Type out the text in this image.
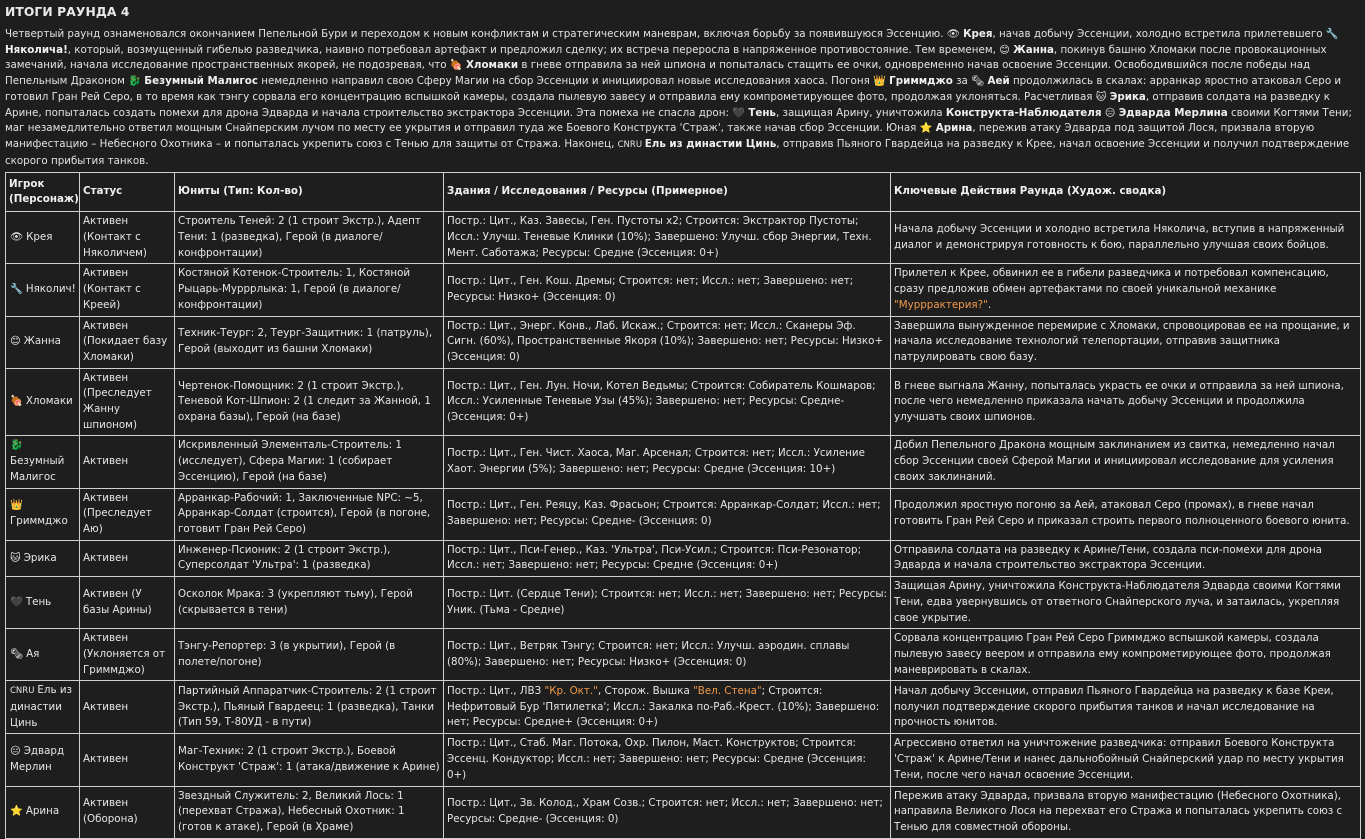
ИТОГИ РАУНДА 4
Четвертый раунд ознаменовался окончанием Пепельной Бури и переходом к новым конфликтам и стратегическим маневрам, включая борьбу за появившуюся Эссенцию. 👁 Крея, начав добычу Эссенции, холодно встретила прилетевшего 🔧 Няколича!, который, возмущенный гибелью разведчика, наивно потребовал артефакт и предложил сделку; их встреча переросла в напряженное противостояние. Тем временем, 😊 Жанна, покинув башню Хломаки после провокационных замечаний, начала исследование пространственных якорей, не подозревая, что 🍖 Хломаки в гневе отправила за ней шпиона и попыталась стащить ее очки, одновременно начав освоение Эссенции. Освободившийся после победы над Пепельным Драконом 🐉 Безумный Малигос немедленно направил свою Сферу Магии на сбор Эссенции и инициировал новые исследования хаоса. Погоня 👑 Гриммджо за 🗞 Аей продолжилась в скалах: арранкар яростно атаковал Серо и готовил Гран Рей Серо, в то время как тэнгу сорвала его концентрацию вспышкой камеры, создала пылевую завесу и отправила ему компрометирующее фото, продолжая уклоняться. Расчетливая 🐱 Эрика, отправив солдата на разведку к Арине, попыталась создать помехи для дрона Эдварда и начала строительство экстрактора Эссенции. Эта помеха не спасла дрон: 🖤 Тень, защищая Арину, уничтожила Конструкта-Наблюдателя 😑 Эдварда Мерлина своими Когтями Тени; маг незамедлительно ответил мощным Снайперским лучом по месту ее укрытия и отправил туда же Боевого Конструкта 'Страж', также начав сбор Эссенции. Юная ⭐ Арина, пережив атаку Эдварда под защитой Лося, призвала вторую манифестацию – Небесного Охотника – и попыталась укрепить союз с Тенью для защиты от Стража. Наконец, CNRU Ель из династии Цинь, отправив Пьяного Гвардейца на разведку к Крее, начал освоение Эссенции и получил подтверждение скорого прибытия танков.
Игрок (Персонаж)	Статус	Юниты (Тип: Кол-во)	Здания / Исследования / Ресурсы (Примерное)	Ключевые Действия Раунда (Худож. сводка)
👁 Крея	Активен (Контакт с Няколичем)	Строитель Теней: 2 (1 строит Экстр.), Адепт Тени: 1 (разведка), Герой (в диалоге/конфронтации)	Постр.: Цит., Каз. Завесы, Ген. Пустоты x2; Строится: Экстрактор Пустоты; Иссл.: Улучш. Теневые Клинки (10%); Завершено: Улучш. сбор Энергии, Техн. Мент. Саботажа; Ресурсы: Средне (Эссенция: 0+)	Начала добычу Эссенции и холодно встретила Няколича, вступив в напряженный диалог и демонстрируя готовность к бою, параллельно улучшая своих бойцов.
🔧 Няколич!	Активен (Контакт с Креей)	Костяной Котенок-Строитель: 1, Костяной Рыцарь-Мурррлыка: 1, Герой (в диалоге/конфронтации)	Постр.: Цит., Ген. Кош. Дремы; Строится: нет; Иссл.: нет; Завершено: нет; Ресурсы: Низко+ (Эссенция: 0)	Прилетел к Крее, обвинил ее в гибели разведчика и потребовал компенсацию, сразу предложив обмен артефактами по своей уникальной механике "Мурррактерия?".
😊 Жанна	Активен (Покидает базу Хломаки)	Техник-Теург: 2, Теург-Защитник: 1 (патруль), Герой (выходит из башни Хломаки)	Постр.: Цит., Энерг. Конв., Лаб. Искаж.; Строится: нет; Иссл.: Сканеры Эф. Сигн. (60%), Пространственные Якоря (10%); Завершено: нет; Ресурсы: Низко+ (Эссенция: 0)	Завершила вынужденное перемирие с Хломаки, спровоцировав ее на прощание, и начала исследование технологий телепортации, отправив защитника патрулировать свою базу.
🍖 Хломаки	Активен (Преследует Жанну шпионом)	Чертенок-Помощник: 2 (1 строит Экстр.), Теневой Кот-Шпион: 2 (1 следит за Жанной, 1 охрана базы), Герой (на базе)	Постр.: Цит., Ген. Лун. Ночи, Котел Ведьмы; Строится: Собиратель Кошмаров; Иссл.: Усиленные Теневые Узы (45%); Завершено: нет; Ресурсы: Средне- (Эссенция: 0+)	В гневе выгнала Жанну, попыталась украсть ее очки и отправила за ней шпиона, после чего немедленно приказала начать добычу Эссенции и продолжила улучшать своих шпионов.
🐉Безумный Малигос	Активен	Искривленный Элементаль-Строитель: 1 (исследует), Сфера Магии: 1 (собирает Эссенцию), Герой (на базе)	Постр.: Цит., Ген. Чист. Хаоса, Маг. Арсенал; Строится: нет; Иссл.: Усиление Хаот. Энергии (5%); Завершено: нет; Ресурсы: Средне (Эссенция: 10+)	Добил Пепельного Дракона мощным заклинанием из свитка, немедленно начал сбор Эссенции своей Сферой Магии и инициировал исследование для усиления своих заклинаний.
👑Гриммджо	Активен (Преследует Аю)	Арранкар-Рабочий: 1, Заключенные NPC: ~5, Арранкар-Солдат (строится), Герой (в погоне, готовит Гран Рей Серо)	Постр.: Цит., Ген. Реяцу, Каз. Фрасьон; Строится: Арранкар-Солдат; Иссл.: нет; Завершено: нет; Ресурсы: Средне- (Эссенция: 0)	Продолжил яростную погоню за Аей, атаковал Серо (промах), в гневе начал готовить Гран Рей Серо и приказал строить первого полноценного боевого юнита.
🐱 Эрика	Активен	Инженер-Псионик: 2 (1 строит Экстр.), Суперсолдат 'Ультра': 1 (разведка)	Постр.: Цит., Пси-Генер., Каз. 'Ультра', Пси-Усил.; Строится: Пси-Резонатор; Иссл.: нет; Завершено: нет; Ресурсы: Средне (Эссенция: 0+)	Отправила солдата на разведку к Арине/Тени, создала пси-помехи для дрона Эдварда и начала строительство экстрактора Эссенции.
🖤 Тень	Активен (У базы Арины)	Осколок Мрака: 3 (укрепляют тьму), Герой (скрывается в тени)	Постр.: Цит. (Сердце Тени); Строится: нет; Иссл.: нет; Завершено: нет; Ресурсы: Уник. (Тьма - Средне)	Защищая Арину, уничтожила Конструкта-Наблюдателя Эдварда своими Когтями Тени, едва увернувшись от ответного Снайперского луча, и затаилась, укрепляя свое укрытие.
🗞 Ая	Активен (Уклоняется от Гриммджо)	Тэнгу-Репортер: 3 (в укрытии), Герой (в полете/погоне)	Постр.: Цит., Ветряк Тэнгу; Строится: нет; Иссл.: Улучш. аэродин. сплавы (80%); Завершено: нет; Ресурсы: Низко+ (Эссенция: 0)	Сорвала концентрацию Гран Рей Серо Гриммджо вспышкой камеры, создала пылевую завесу веером и отправила ему компрометирующее фото, продолжая маневрировать в скалах.
CNRU Ель из династии Цинь	Активен	Партийный Аппаратчик-Строитель: 2 (1 строит Экстр.), Пьяный Гвардеец: 1 (разведка), Танки (Тип 59, Т-80УД - в пути)	Постр.: Цит., ЛВЗ "Кр. Окт.", Сторож. Вышка "Вел. Стена"; Строится: Нефритовый Бур 'Пятилетка'; Иссл.: Закалка по-Раб.-Крест. (10%); Завершено: нет; Ресурсы: Средне+ (Эссенция: 0+)	Начал добычу Эссенции, отправил Пьяного Гвардейца на разведку к базе Креи, получил подтверждение скорого прибытия танков и начал исследование на прочность юнитов.
😑 Эдвард Мерлин	Активен	Маг-Техник: 2 (1 строит Экстр.), Боевой Конструкт 'Страж': 1 (атака/движение к Арине)	Постр.: Цит., Стаб. Маг. Потока, Охр. Пилон, Маст. Конструктов; Строится: Эссенц. Кондуктор; Иссл.: нет; Завершено: нет; Ресурсы: Средне (Эссенция: 0+)	Агрессивно ответил на уничтожение разведчика: отправил Боевого Конструкта 'Страж' к Арине/Тени и нанес дальнобойный Снайперский удар по месту укрытия Тени, после чего начал освоение Эссенции.
⭐ Арина	Активен (Оборона)	Звездный Служитель: 2, Великий Лось: 1 (перехват Стража), Небесный Охотник: 1 (готов к атаке), Герой (в Храме)	Постр.: Цит., Зв. Колод., Храм Созв.; Строится: нет; Иссл.: нет; Завершено: нет; Ресурсы: Средне- (Эссенция: 0)	Пережив атаку Эдварда, призвала вторую манифестацию (Небесного Охотника), направила Великого Лося на перехват его Стража и попыталась укрепить союз с Тенью для совместной обороны.
